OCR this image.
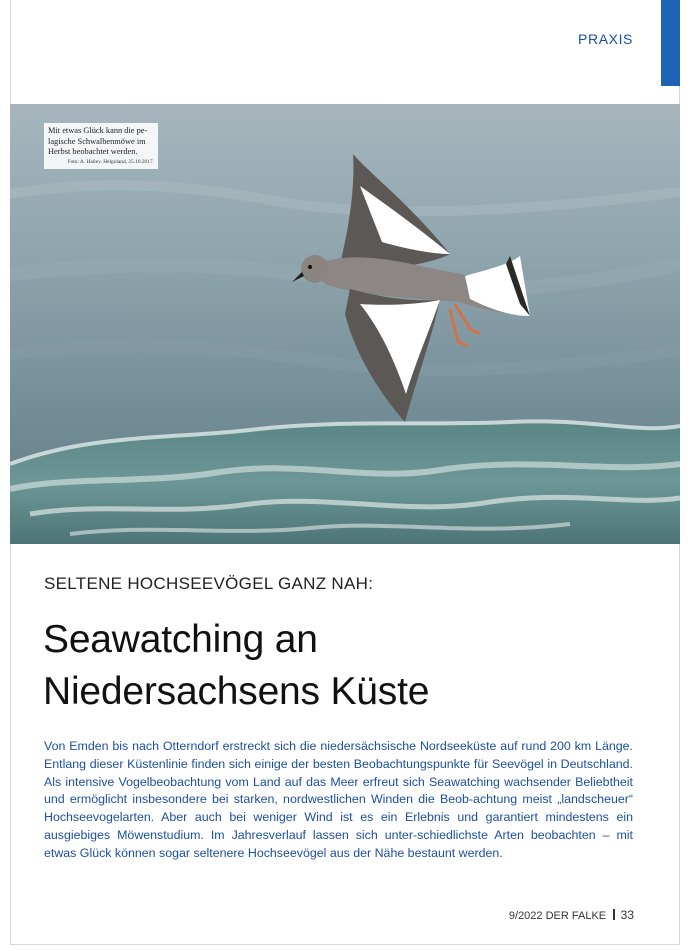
PRAXIS
Mit etwas Glück kann die pe-lagische Schwalbenmöwe im Herbst beobachtet werden.
Foto: A. Halley. Helgoland, 25.10.2017.
SELTENE HOCHSEEVÖGEL GANZ NAH:
Seawatching an
Niedersachsens Küste

Von Emden bis nach Otterndorf erstreckt sich die niedersächsische Nordseeküste auf rund 200 km Länge. Entlang dieser Küstenlinie finden sich einige der besten Beobachtungspunkte für Seevögel in Deutschland. Als intensive Vogelbeobachtung vom Land auf das Meer erfreut sich Seawatching wachsender Beliebtheit und ermöglicht insbesondere bei starken, nordwestlichen Winden die Beob-achtung meist „landscheuer“ Hochseevogelarten. Aber auch bei weniger Wind ist es ein Erlebnis und garantiert mindestens ein ausgiebiges Möwenstudium. Im Jahresverlauf lassen sich unter-schiedlichste Arten beobachten – mit etwas Glück können sogar seltenere Hochseevögel aus der Nähe bestaunt werden.

9/2022 DER FALKE 33
